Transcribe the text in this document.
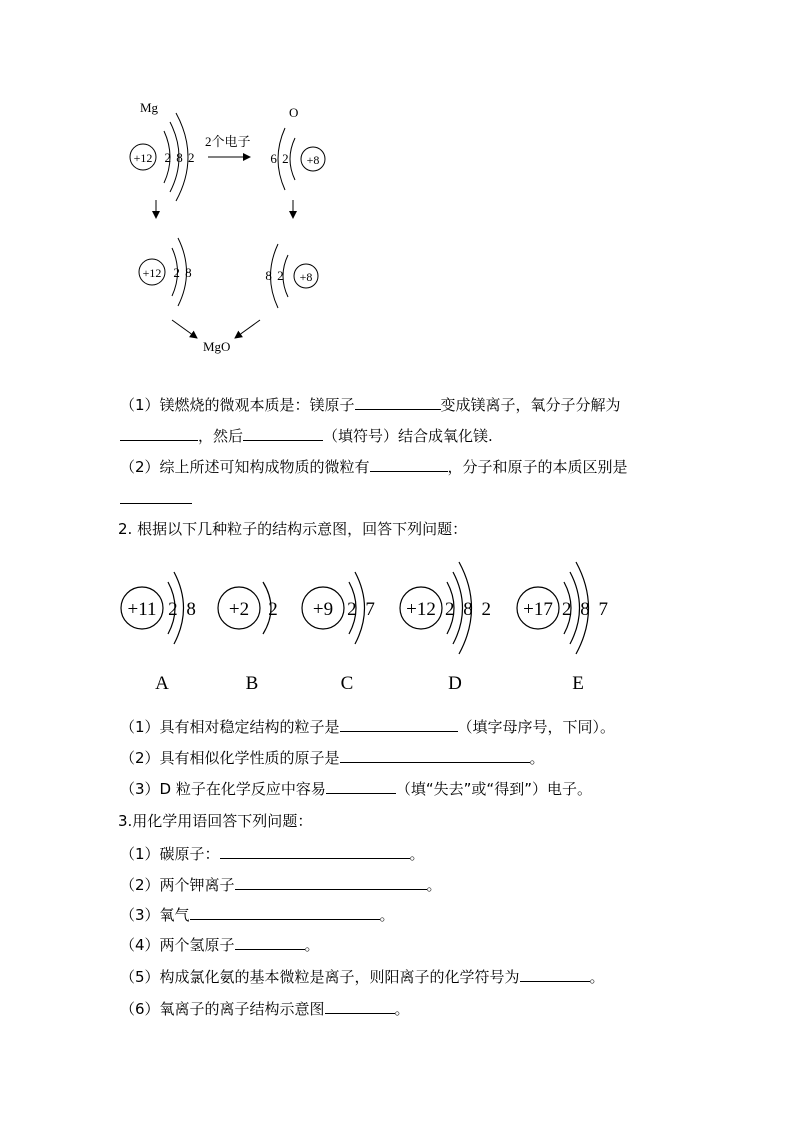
Mg
+12 2 8 2
2个电子
O
+8
6 2
+12 2 8	+8
8 2
MgO
（1）镁燃烧的微观本质是：镁原子	变成镁离子，氧分子分解为
，然后	（填符号）结合成氧化镁.
（2）综上所述可知构成物质的微粒有	，分子和原子的本质区别是
2. 根据以下几种粒子的结构示意图，回答下列问题：
+11 2 8
A
+2 2
B
+9 2 7
C
+12 2 8 2
D
+17 2 8 7
E
（1）具有相对稳定结构的粒子是	（填字母序号，下同）。
（2）具有相似化学性质的原子是	。
（3）D 粒子在化学反应中容易	（填“失去”或“得到”）电子。
3.用化学用语回答下列问题：
（1）碳原子：	。
（2）两个钾离子	。
（3）氧气	。
（4）两个氢原子	。
（5）构成氯化氨的基本微粒是离子，则阳离子的化学符号为	。
（6）氧离子的离子结构示意图	。
